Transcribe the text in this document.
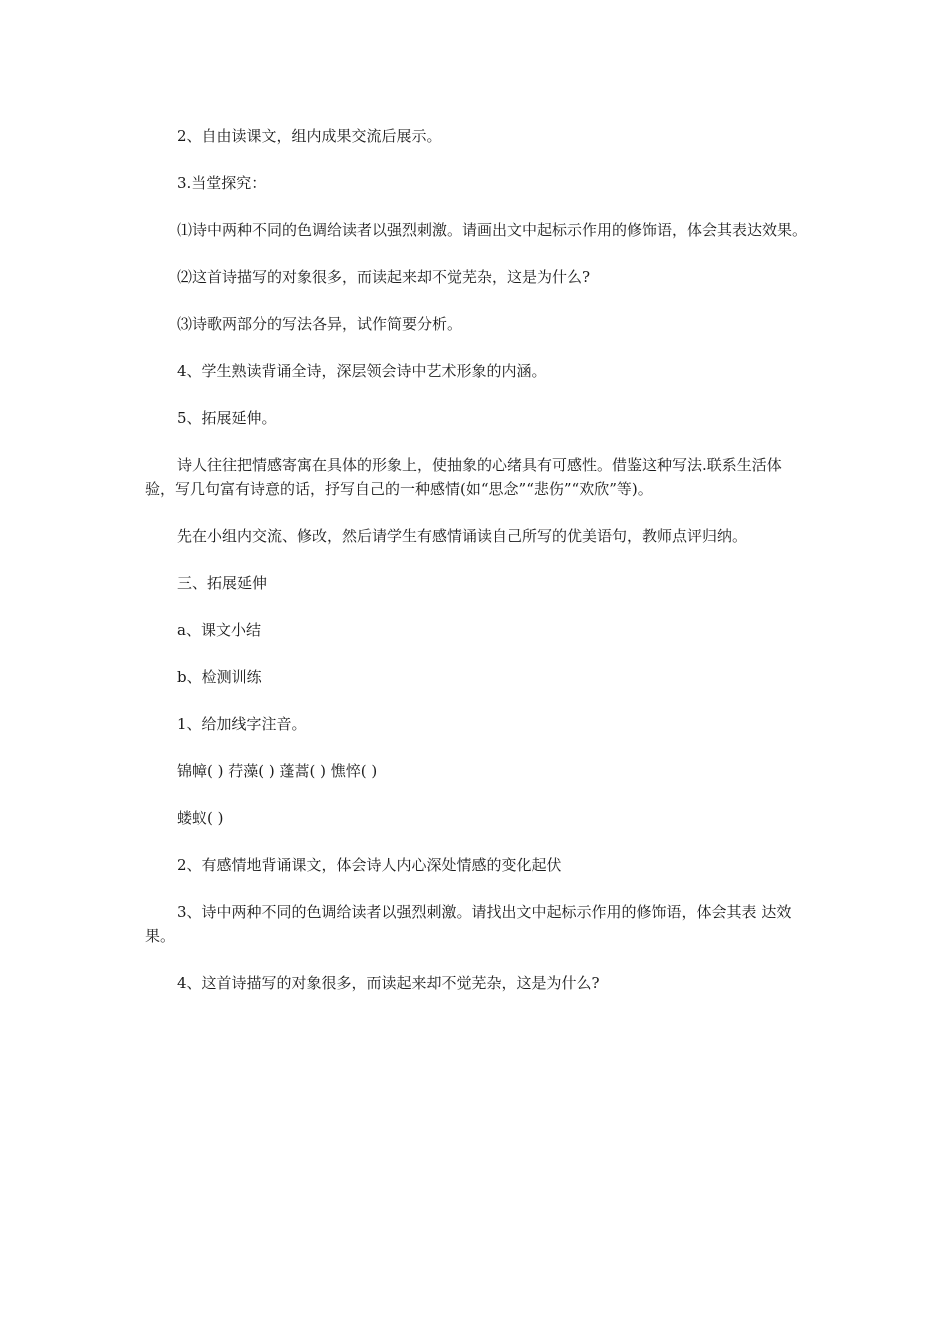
2、自由读课文，组内成果交流后展示。

3.当堂探究：

⑴诗中两种不同的色调给读者以强烈刺激。请画出文中起标示作用的修饰语，体会其表达效果。

⑵这首诗描写的对象很多，而读起来却不觉芜杂，这是为什么?

⑶诗歌两部分的写法各异，试作简要分析。

4、学生熟读背诵全诗，深层领会诗中艺术形象的内涵。

5、拓展延伸。

诗人往往把情感寄寓在具体的形象上，使抽象的心绪具有可感性。借鉴这种写法.联系生活体验，写几句富有诗意的话，抒写自己的一种感情(如“思念”“悲伤”“欢欣”等)。

先在小组内交流、修改，然后请学生有感情诵读自己所写的优美语句，教师点评归纳。

三、拓展延伸

a、课文小结

b、检测训练

1、给加线字注音。

锦幛( ) 荇藻( ) 蓬蒿( ) 憔悴( )

蝼蚁( )

2、有感情地背诵课文，体会诗人内心深处情感的变化起伏

3、诗中两种不同的色调给读者以强烈刺激。请找出文中起标示作用的修饰语，体会其表 达效果。

4、这首诗描写的对象很多，而读起来却不觉芜杂，这是为什么?
